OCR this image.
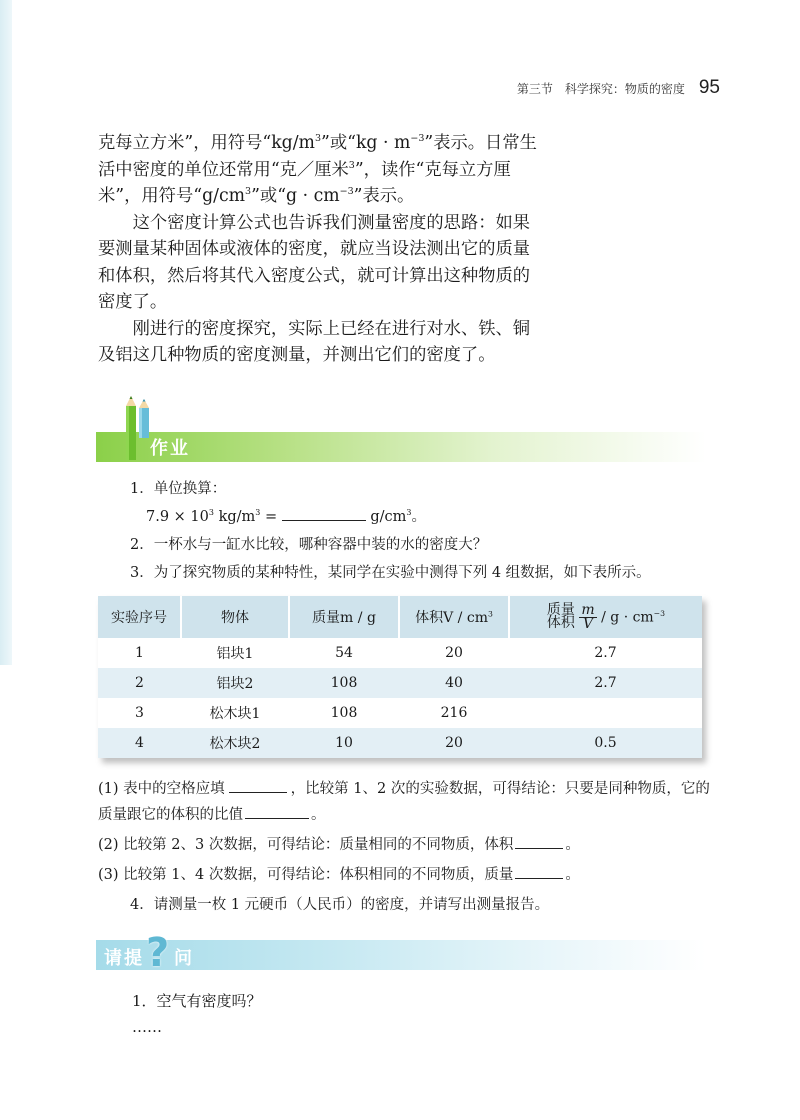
第三节　科学探究：物质的密度 95

克每立方米”，用符号“$kg/m^3$”或“kg · $m^{-3}$”表示。日常生活中密度的单位还常用“克／厘米$^3$”，读作“克每立方厘米”，用符号“$g/cm^3$”或“$g \cdot cm^{-3}$”表示。

这个密度计算公式也告诉我们测量密度的思路：如果要测量某种固体或液体的密度，就应当设法测出它的质量和体积，然后将其代入密度公式，就可计算出这种物质的密度了。

刚进行的密度探究，实际上已经在进行对水、铁、铜及铝这几种物质的密度测量，并测出它们的密度了。

作业

1．单位换算：

$7.9 \times 10^3$ $kg/m^3$ =	$g/cm^3$。

2．一杯水与一缸水比较，哪种容器中装的水的密度大？

3．为了探究物质的某种特性，某同学在实验中测得下列 4 组数据，如下表所示。

实验序号	物体	质量m / g	体积V / $cm^3$	质量
体积
$\frac{m}{V} / g \cdot cm^{-3}$
1	铝块1	54	20	2.7
2	铝块2	108	40	2.7
3	松木块1	108	216	
4	松木块2	10	20	0.5

(1) 表中的空格应填	，比较第 1、2 次的实验数据，可得结论：只要是同种物质，它的质量跟它的体积的比值	。

(2) 比较第 2、3 次数据，可得结论：质量相同的不同物质，体积	。

(3) 比较第 1、4 次数据，可得结论：体积相同的不同物质，质量	。

4．请测量一枚 1 元硬币（人民币）的密度，并请写出测量报告。

请提 ? 问

1．空气有密度吗？

……
